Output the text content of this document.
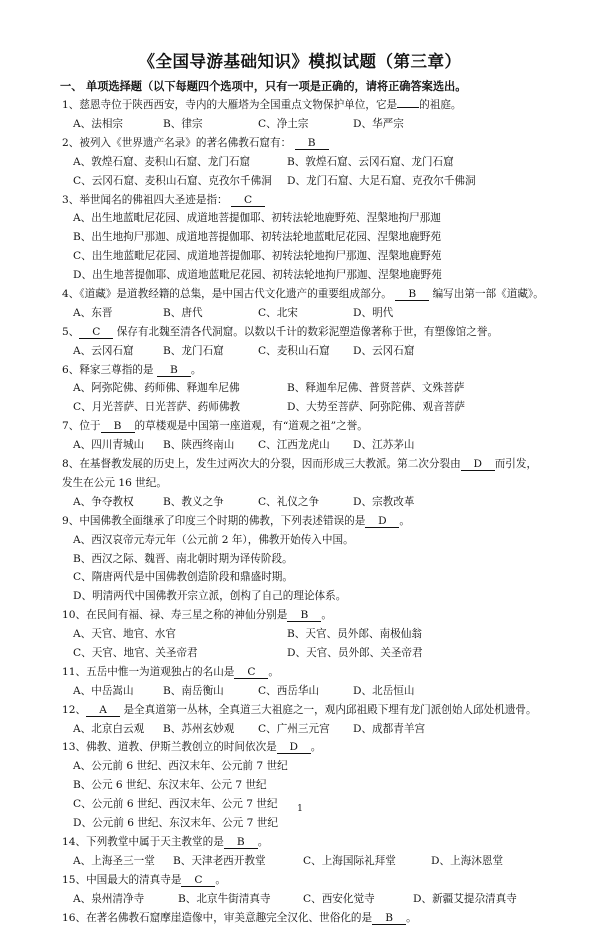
《全国导游基础知识》模拟试题（第三章）
一、 单项选择题（以下每题四个选项中，只有一项是正确的，请将正确答案选出。
1、慈恩寺位于陕西西安，寺内的大雁塔为全国重点文物保护单位，它是 的祖庭。
A、法相宗	B、律宗	C、净土宗	D、华严宗
2、被列入《世界遗产名录》的著名佛教石窟有： B
A、敦煌石窟、麦积山石窟、龙门石窟	B、敦煌石窟、云冈石窟、龙门石窟
C、云冈石窟、麦积山石窟、克孜尔千佛洞	D、龙门石窟、大足石窟、克孜尔千佛洞
3、举世闻名的佛祖四大圣迹是指： C
A、出生地蓝毗尼花园、成道地菩提伽耶、初转法轮地鹿野苑、涅槃地拘尸那迦
B、出生地拘尸那迦、成道地菩提伽耶、初转法轮地蓝毗尼花园、涅槃地鹿野苑
C、出生地蓝毗尼花园、成道地菩提伽耶、初转法轮地拘尸那迦、涅槃地鹿野苑
D、出生地菩提伽耶、成道地蓝毗尼花园、初转法轮地拘尸那迦、涅槃地鹿野苑
4、《道藏》是道教经籍的总集，是中国古代文化遗产的重要组成部分。 B 编写出第一部《道藏》。
A、东晋	B、唐代	C、北宋	D、明代
5、 C 保存有北魏至清各代洞窟。以数以千计的数彩泥塑造像著称于世，有塑像馆之誉。
A、云冈石窟	B、龙门石窟	C、麦积山石窟	D、云冈石窟
6、释家三尊指的是 B 。
A、阿弥陀佛、药师佛、释迦牟尼佛	B、释迦牟尼佛、普贤菩萨、文殊菩萨
C、月光菩萨、日光菩萨、药师佛教	D、大势至菩萨、阿弥陀佛、观音菩萨
7、位于 B 的草楼观是中国第一座道观，有“道观之祖”之誉。
A、四川青城山	B、陕西终南山	C、江西龙虎山	D、江苏茅山
8、在基督教发展的历史上，发生过两次大的分裂，因而形成三大教派。第二次分裂由 D 而引发，
发生在公元 16 世纪。
A、争夺教权	B、教义之争	C、礼仪之争	D、宗教改革
9、中国佛教全面继承了印度三个时期的佛教，下列表述错误的是 D 。
A、西汉哀帝元寿元年（公元前 2 年），佛教开始传入中国。
B、西汉之际、魏晋、南北朝时期为译传阶段。
C、隋唐两代是中国佛教创造阶段和鼎盛时期。
D、明清两代中国佛教开宗立派，创构了自己的理论体系。
10、在民间有福、禄、寿三星之称的神仙分别是 B 。
A、天官、地官、水官	B、天官、员外郎、南极仙翁
C、天官、地官、关圣帝君	D、天官、员外郎、关圣帝君
11、五岳中惟一为道观独占的名山是 C 。
A、中岳嵩山	B、南岳衡山	C、西岳华山	D、北岳恒山
12、 A 是全真道第一丛林，全真道三大祖庭之一，观内邱祖殿下埋有龙门派创始人邱处机遗骨。
A、北京白云观	B、苏州玄妙观	C、广州三元宫	D、成都青羊宫
13、佛教、道教、伊斯兰教创立的时间依次是 D 。
A、公元前 6 世纪、西汉末年、公元前 7 世纪
B、公元 6 世纪、东汉末年、公元 7 世纪
C、公元前 6 世纪、西汉末年、公元 7 世纪
D、公元前 6 世纪、东汉末年、公元 7 世纪
14、下列教堂中属于天主教堂的是 B 。
A、上海圣三一堂	B、天津老西开教堂	C、上海国际礼拜堂	D、上海沐恩堂
15、中国最大的清真寺是 C 。
A、泉州清净寺	B、北京牛街清真寺	C、西安化觉寺	D、新疆艾提尕清真寺
16、在著名佛教石窟摩崖造像中，审美意趣完全汉化、世俗化的是 B 。
1
